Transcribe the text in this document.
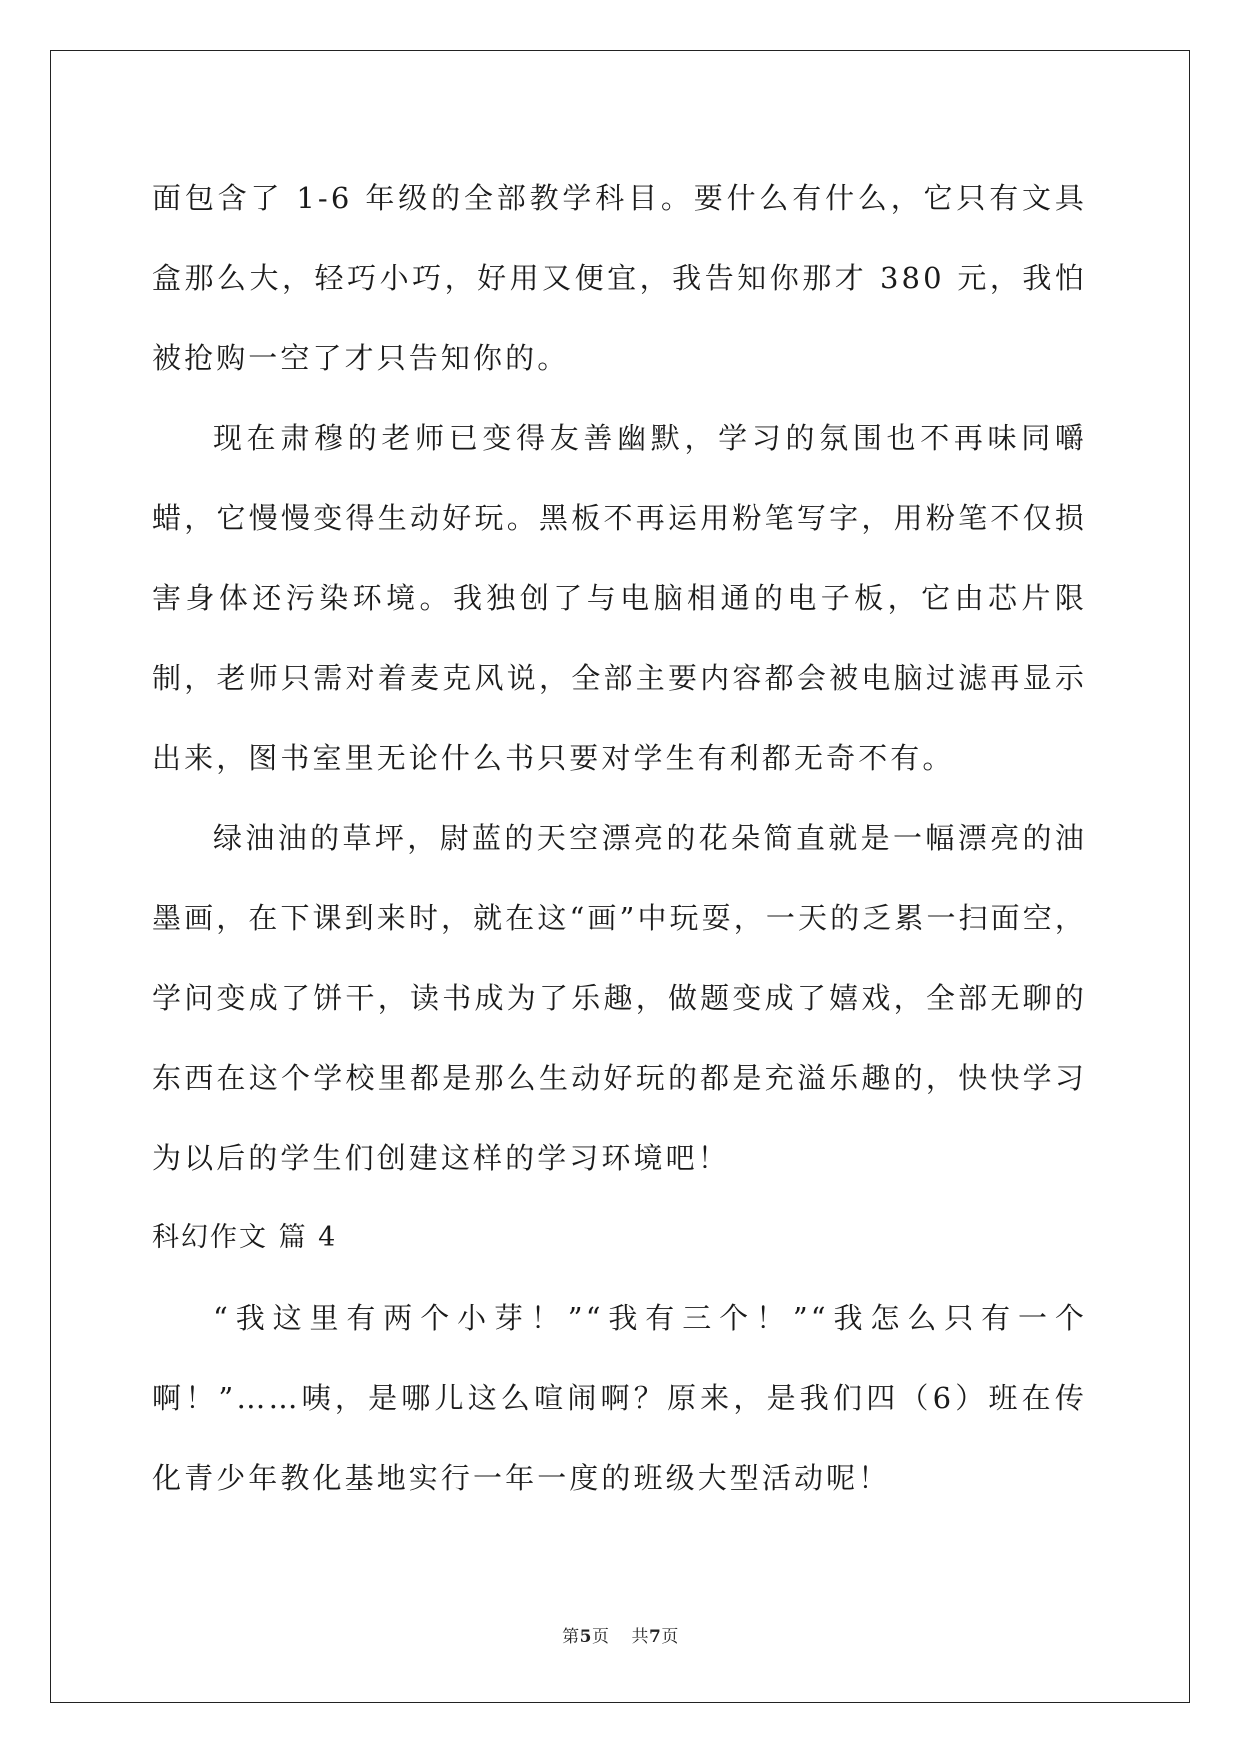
面包含了 1-6 年级的全部教学科目。要什么有什么，它只有文具盒那么大，轻巧小巧，好用又便宜，我告知你那才 380 元，我怕被抢购一空了才只告知你的。

现在肃穆的老师已变得友善幽默，学习的氛围也不再味同嚼蜡，它慢慢变得生动好玩。黑板不再运用粉笔写字，用粉笔不仅损害身体还污染环境。我独创了与电脑相通的电子板，它由芯片限制，老师只需对着麦克风说，全部主要内容都会被电脑过滤再显示出来，图书室里无论什么书只要对学生有利都无奇不有。

绿油油的草坪，尉蓝的天空漂亮的花朵简直就是一幅漂亮的油墨画，在下课到来时，就在这“画”中玩耍，一天的乏累一扫面空，学问变成了饼干，读书成为了乐趣，做题变成了嬉戏，全部无聊的东西在这个学校里都是那么生动好玩的都是充溢乐趣的，快快学习为以后的学生们创建这样的学习环境吧！

科幻作文 篇 4

“我这里有两个小芽！”“我有三个！”“我怎么只有一个啊！”……咦，是哪儿这么喧闹啊？原来，是我们四（6）班在传化青少年教化基地实行一年一度的班级大型活动呢！

第5页 共7页
